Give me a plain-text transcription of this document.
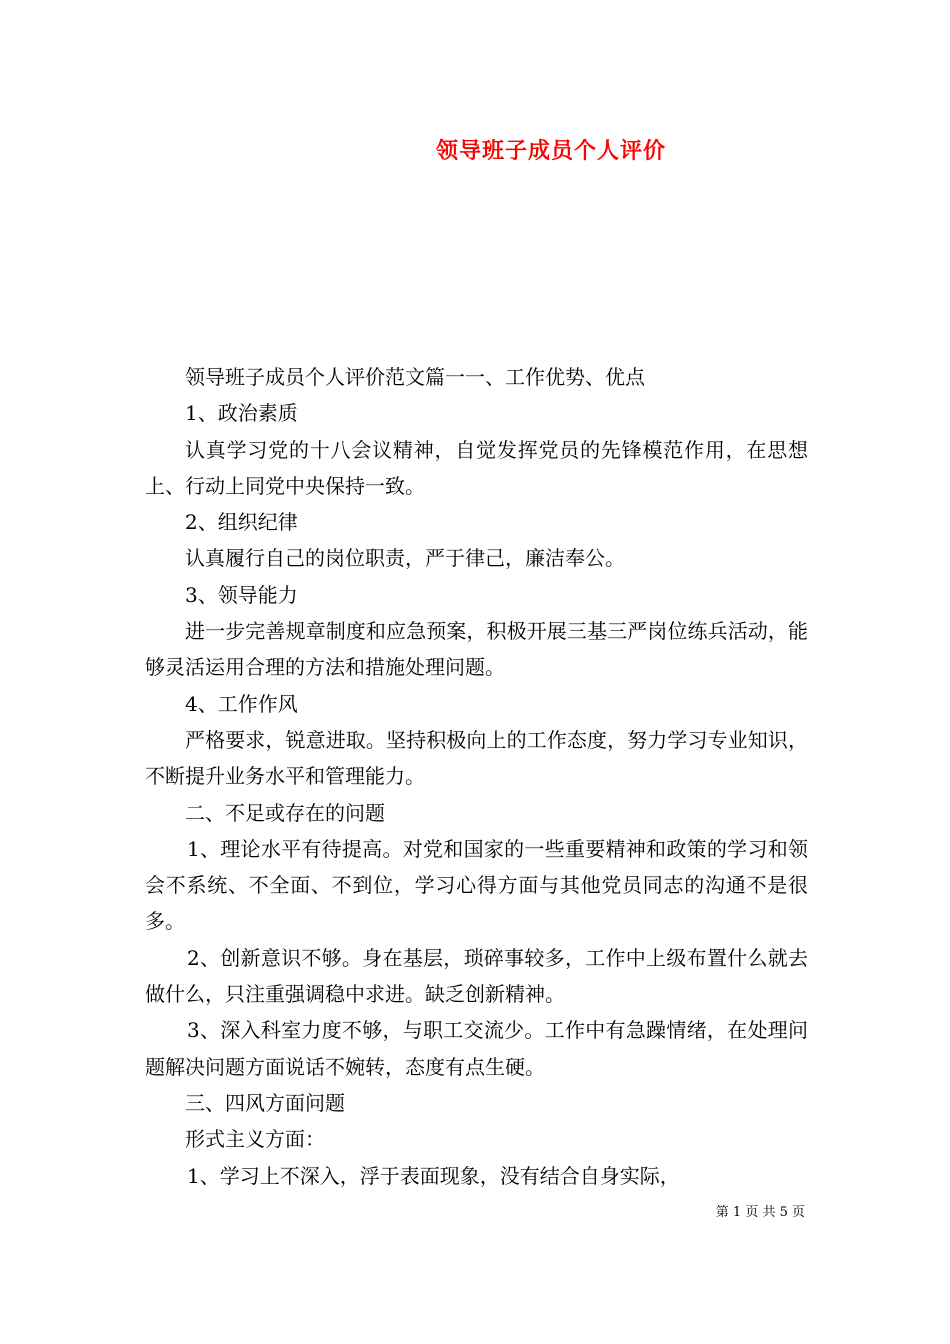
领导班子成员个人评价

领导班子成员个人评价范文篇一一、工作优势、优点

1、政治素质

认真学习党的十八会议精神，自觉发挥党员的先锋模范作用，在思想上、行动上同党中央保持一致。

2、组织纪律

认真履行自己的岗位职责，严于律己，廉洁奉公。

3、领导能力

进一步完善规章制度和应急预案，积极开展三基三严岗位练兵活动，能够灵活运用合理的方法和措施处理问题。

4、工作作风

严格要求，锐意进取。坚持积极向上的工作态度，努力学习专业知识，不断提升业务水平和管理能力。

二、不足或存在的问题

1、理论水平有待提高。对党和国家的一些重要精神和政策的学习和领会不系统、不全面、不到位，学习心得方面与其他党员同志的沟通不是很多。

2、创新意识不够。身在基层，琐碎事较多，工作中上级布置什么就去做什么，只注重强调稳中求进。缺乏创新精神。

3、深入科室力度不够，与职工交流少。工作中有急躁情绪，在处理问题解决问题方面说话不婉转，态度有点生硬。

三、四风方面问题

形式主义方面：

1、学习上不深入，浮于表面现象，没有结合自身实际，

第 1 页 共 5 页
